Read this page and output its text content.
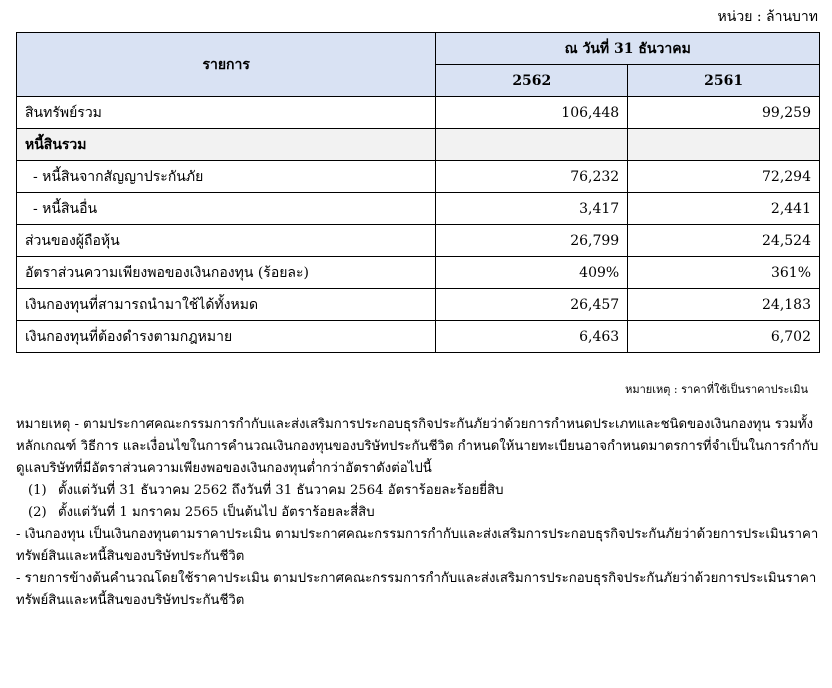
หน่วย : ล้านบาท
รายการ	ณ วันที่ 31 ธันวาคม	
	2562	2561
สินทรัพย์รวม	106,448	99,259
หนี้สินรวม		
- หนี้สินจากสัญญาประกันภัย	76,232	72,294
- หนี้สินอื่น	3,417	2,441
ส่วนของผู้ถือหุ้น	26,799	24,524
อัตราส่วนความเพียงพอของเงินกองทุน (ร้อยละ)	409%	361%
เงินกองทุนที่สามารถนำมาใช้ได้ทั้งหมด	26,457	24,183
เงินกองทุนที่ต้องดำรงตามกฎหมาย	6,463	6,702
หมายเหตุ : ราคาที่ใช้เป็นราคาประเมิน

หมายเหตุ - ตามประกาศคณะกรรมการกำกับและส่งเสริมการประกอบธุรกิจประกันภัยว่าด้วยการกำหนดประเภทและชนิดของเงินกองทุน รวมทั้งหลักเกณฑ์ วิธีการ และเงื่อนไขในการคำนวณเงินกองทุนของบริษัทประกันชีวิต กำหนดให้นายทะเบียนอาจกำหนดมาตรการที่จำเป็นในการกำกับดูแลบริษัทที่มีอัตราส่วนความเพียงพอของเงินกองทุนต่ำกว่าอัตราดังต่อไปนี้

(1) ตั้งแต่วันที่ 31 ธันวาคม 2562 ถึงวันที่ 31 ธันวาคม 2564 อัตราร้อยละร้อยยี่สิบ
(2) ตั้งแต่วันที่ 1 มกราคม 2565 เป็นต้นไป อัตราร้อยละสี่สิบ

- เงินกองทุน เป็นเงินกองทุนตามราคาประเมิน ตามประกาศคณะกรรมการกำกับและส่งเสริมการประกอบธุรกิจประกันภัยว่าด้วยการประเมินราคาทรัพย์สินและหนี้สินของบริษัทประกันชีวิต

- รายการข้างต้นคำนวณโดยใช้ราคาประเมิน ตามประกาศคณะกรรมการกำกับและส่งเสริมการประกอบธุรกิจประกันภัยว่าด้วยการประเมินราคาทรัพย์สินและหนี้สินของบริษัทประกันชีวิต
